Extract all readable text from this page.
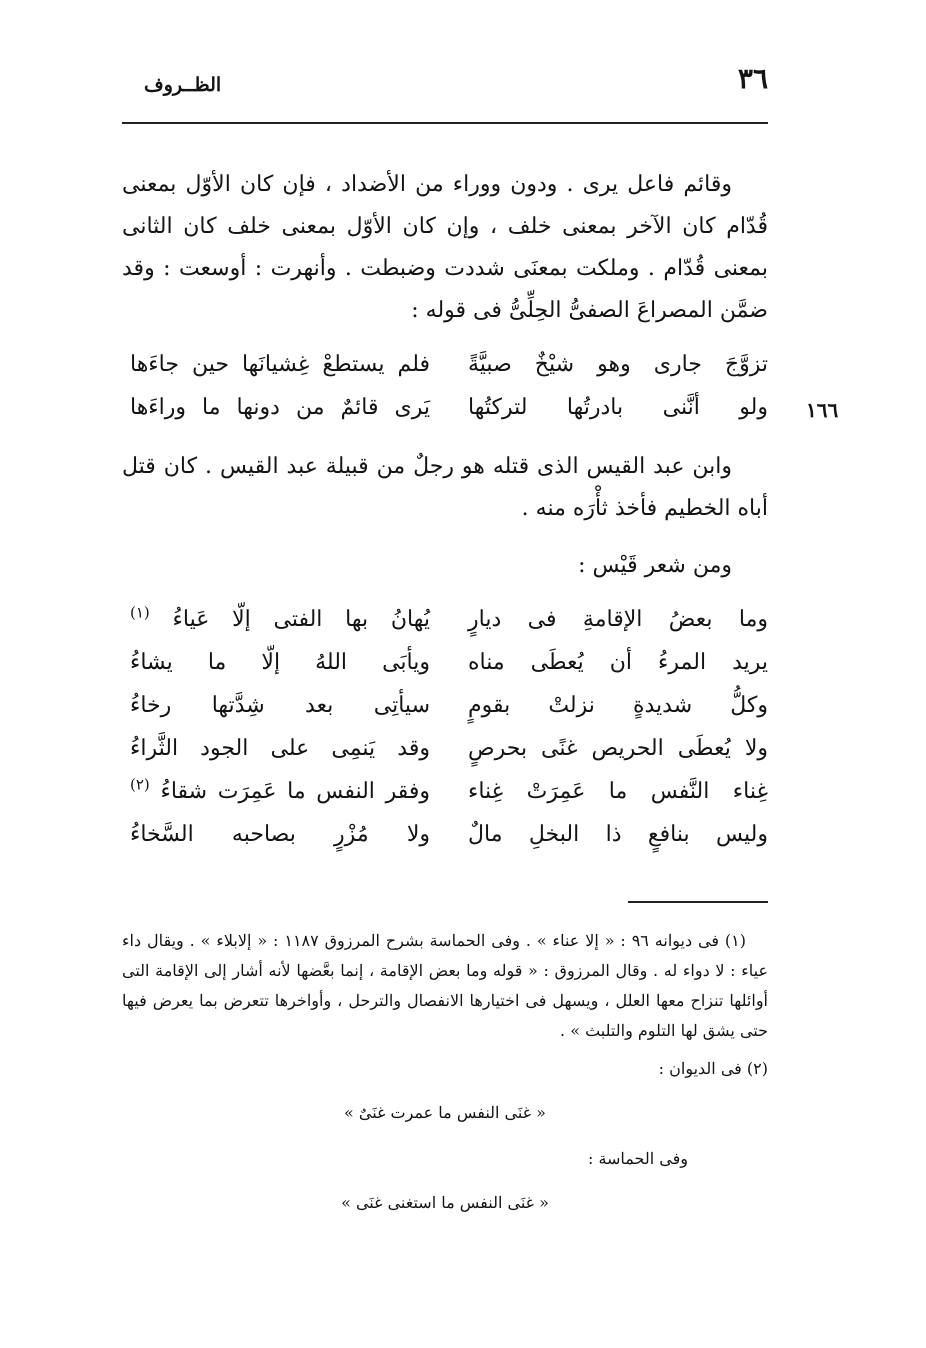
٣٦
الظــروف

وقائم فاعل يرى . ودون ووراء من الأضداد ، فإن كان الأوّل بمعنى قُدّام كان الآخر بمعنى خلف ، وإن كان الأوّل بمعنى خلف كان الثانى بمعنى قُدّام . وملكت بمعنَى شددت وضبطت . وأنهرت : أوسعت : وقد ضمَّن المصراعَ الصفىُّ الحِلِّىُّ فى قوله :

تزوَّجَ جارى وهو شيْخٌ صبيَّةً
فلم يستطعْ غِشيانَها حين جاءَها
ولو أنَّنى بادرتُها لتركتُها
يَرى قائمٌ من دونها ما وراءَها	١٦٦

وابن عبد القيس الذى قتله هو رجلٌ من قبيلة عبد القيس . كان قتل أباه الخطيم فأخذ ثأْرَه منه .

ومن شعر قَيْس :

وما بعضُ الإقامةِ فى ديارٍ
يُهانُ بها الفتى إلّا عَياءُ $^{(١)}$
يريد المرءُ أن يُعطَى مناه
ويأبَى اللهُ إلّا ما يشاءُ
وكلُّ شديدةٍ نزلتْ بقومٍ
سيأتِى بعد شِدَّتها رخاءُ
ولا يُعطَى الحريص غنًى بحرصٍ
وقد يَنمِى على الجود الثَّراءُ
غِناء النَّفس ما عَمِرَتْ غِناء
وفقر النفس ما عَمِرَت شقاءُ $^{(٢)}$
وليس بنافعٍ ذا البخلِ مالٌ
ولا مُزْرٍ بصاحبه السَّخاءُ

(١) فى ديوانه ٩٦ : « إلا عناء » . وفى الحماسة بشرح المرزوق ١١٨٧ : « إلابلاء » . ويقال داء عياء : لا دواء له . وقال المرزوق : « قوله وما بعض الإقامة ، إنما بعَّضها لأنه أشار إلى الإقامة التى أوائلها تنزاح معها العلل ، ويسهل فى اختيارها الانفصال والترحل ، وأواخرها تتعرض بما يعرض فيها حتى يشق لها التلوم والتلبث » .

(٢) فى الديوان :

« غنَى النفس ما عمرت غنَىٌ »

وفى الحماسة :

« غنَى النفس ما استغنى غنَى »
